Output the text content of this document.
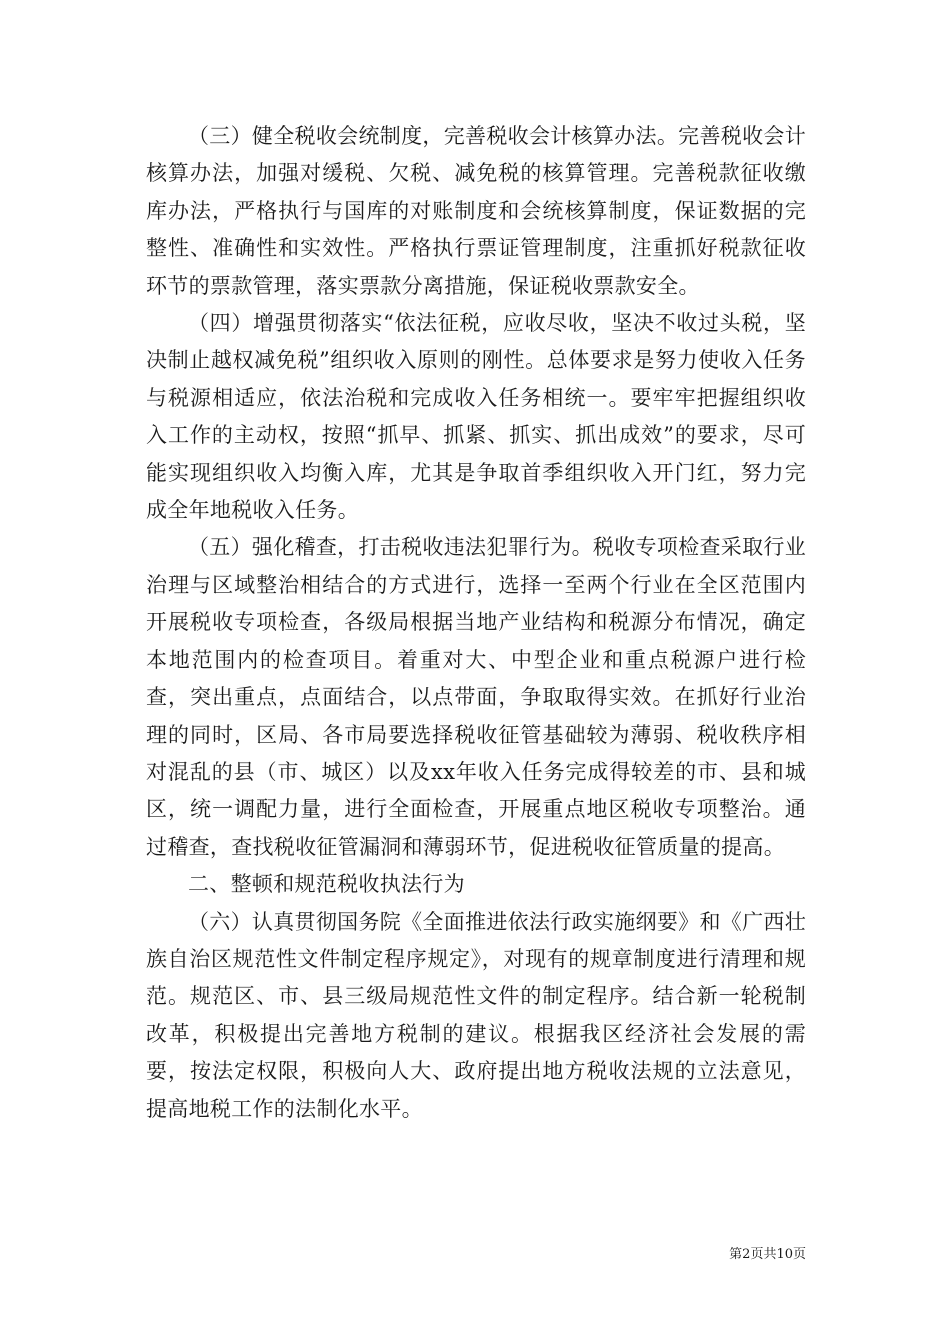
（三）健全税收会统制度，完善税收会计核算办法。完善税收会计核算办法，加强对缓税、欠税、减免税的核算管理。完善税款征收缴库办法，严格执行与国库的对账制度和会统核算制度，保证数据的完整性、准确性和实效性。严格执行票证管理制度，注重抓好税款征收环节的票款管理，落实票款分离措施，保证税收票款安全。

（四）增强贯彻落实“依法征税，应收尽收，坚决不收过头税，坚决制止越权减免税”组织收入原则的刚性。总体要求是努力使收入任务与税源相适应，依法治税和完成收入任务相统一。要牢牢把握组织收入工作的主动权，按照“抓早、抓紧、抓实、抓出成效”的要求，尽可能实现组织收入均衡入库，尤其是争取首季组织收入开门红，努力完成全年地税收入任务。

（五）强化稽查，打击税收违法犯罪行为。税收专项检查采取行业治理与区域整治相结合的方式进行，选择一至两个行业在全区范围内开展税收专项检查，各级局根据当地产业结构和税源分布情况，确定本地范围内的检查项目。着重对大、中型企业和重点税源户进行检查，突出重点，点面结合，以点带面，争取取得实效。在抓好行业治理的同时，区局、各市局要选择税收征管基础较为薄弱、税收秩序相对混乱的县（市、城区）以及xx年收入任务完成得较差的市、县和城区，统一调配力量，进行全面检查，开展重点地区税收专项整治。通过稽查，查找税收征管漏洞和薄弱环节，促进税收征管质量的提高。

二、整顿和规范税收执法行为

（六）认真贯彻国务院《全面推进依法行政实施纲要》和《广西壮族自治区规范性文件制定程序规定》，对现有的规章制度进行清理和规范。规范区、市、县三级局规范性文件的制定程序。结合新一轮税制改革，积极提出完善地方税制的建议。根据我区经济社会发展的需要，按法定权限，积极向人大、政府提出地方税收法规的立法意见，提高地税工作的法制化水平。

第2页共10页
